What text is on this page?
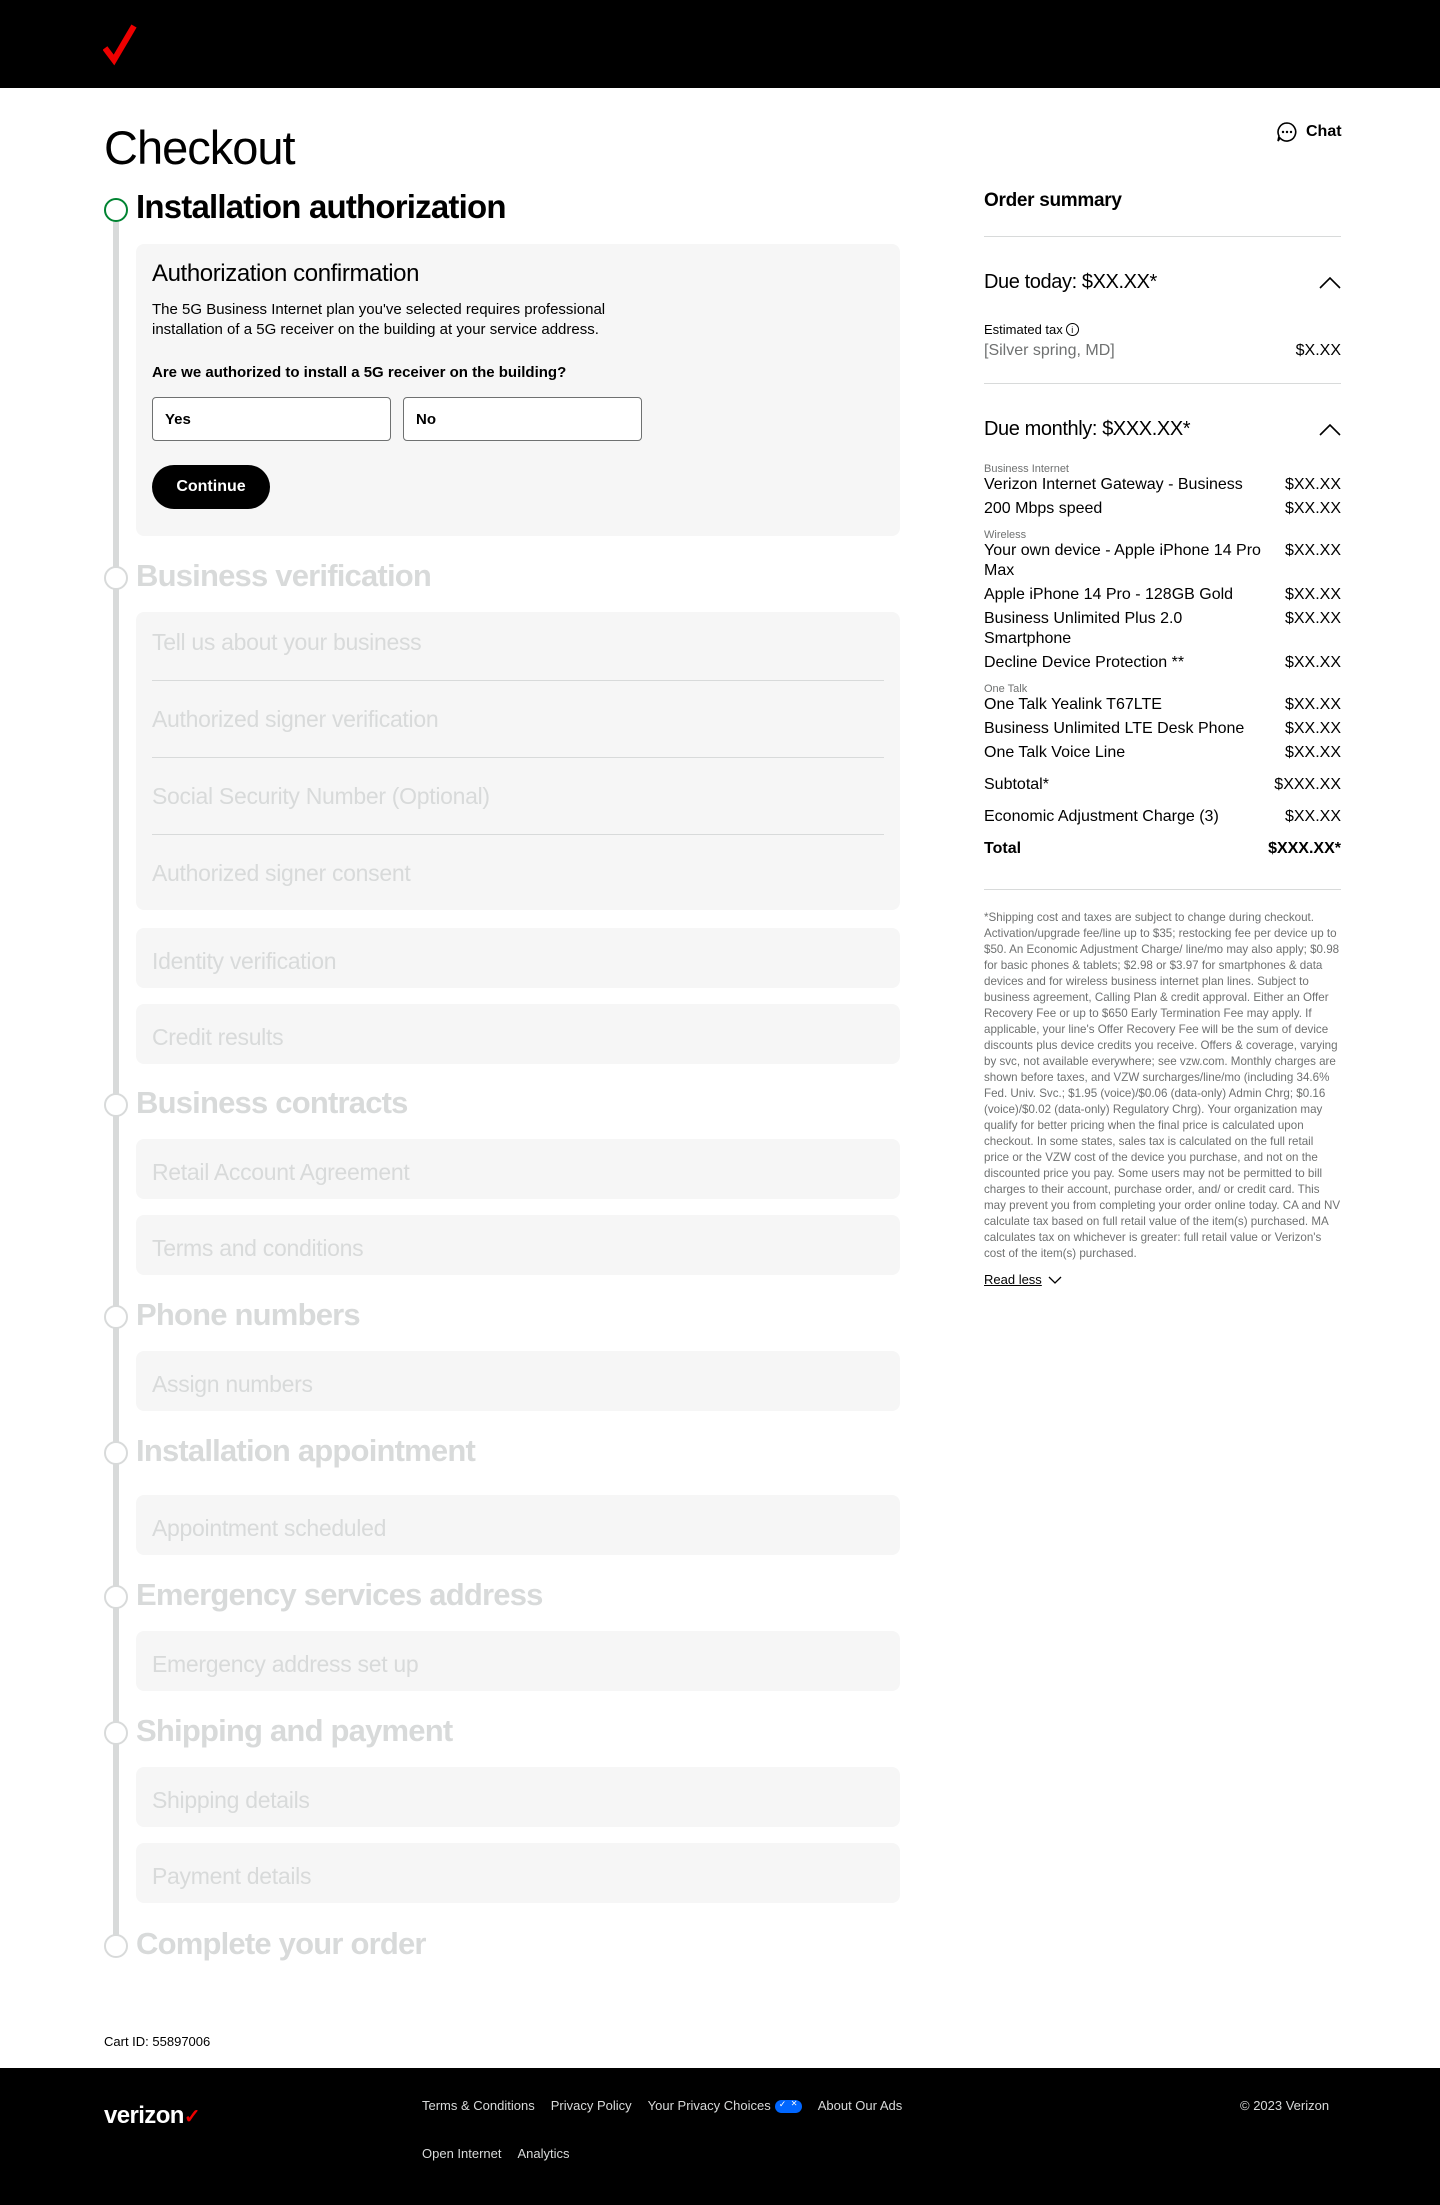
Checkout	Chat
Installation authorization
Authorization confirmation
The 5G Business Internet plan you've selected requires professional installation of a 5G receiver on the building at your service address.
Are we authorized to install a 5G receiver on the building?
Yes	No
Continue
Business verification
Tell us about your business
Authorized signer verification
Social Security Number (Optional)
Authorized signer consent
Identity verification
Credit results
Business contracts
Retail Account Agreement
Terms and conditions
Phone numbers
Assign numbers
Installation appointment
Appointment scheduled
Emergency services address
Emergency address set up
Shipping and payment
Shipping details
Payment details
Complete your order
Order summary
Due today: $XX.XX*
Estimated tax i
[Silver spring, MD]	$X.XX
Due monthly: $XXX.XX*
Business Internet
Verizon Internet Gateway - Business	$XX.XX
200 Mbps speed	$XX.XX
Wireless
Your own device - Apple iPhone 14 Pro Max
$XX.XX
Apple iPhone 14 Pro - 128GB Gold	$XX.XX
Business Unlimited Plus 2.0 Smartphone
$XX.XX
Decline Device Protection **	$XX.XX
One Talk
One Talk Yealink T67LTE	$XX.XX
Business Unlimited LTE Desk Phone	$XX.XX
One Talk Voice Line	$XX.XX
Subtotal*	$XXX.XX
Economic Adjustment Charge (3)	$XX.XX
Total	$XXX.XX*
*Shipping cost and taxes are subject to change during checkout. Activation/upgrade fee/line up to $35; restocking fee per device up to $50. An Economic Adjustment Charge/ line/mo may also apply; $0.98 for basic phones & tablets; $2.98 or $3.97 for smartphones & data devices and for wireless business internet plan lines. Subject to business agreement, Calling Plan & credit approval. Either an Offer Recovery Fee or up to $650 Early Termination Fee may apply. If applicable, your line's Offer Recovery Fee will be the sum of device discounts plus device credits you receive. Offers & coverage, varying by svc, not available everywhere; see vzw.com. Monthly charges are shown before taxes, and VZW surcharges/line/mo (including 34.6% Fed. Univ. Svc.; $1.95 (voice)/$0.06 (data-only) Admin Chrg; $0.16 (voice)/$0.02 (data-only) Regulatory Chrg). Your organization may qualify for better pricing when the final price is calculated upon checkout. In some states, sales tax is calculated on the full retail price or the VZW cost of the device you purchase, and not on the discounted price you pay. Some users may not be permitted to bill charges to their account, purchase order, and/ or credit card. This may prevent you from completing your order online today. CA and NV calculate tax based on full retail value of the item(s) purchased. MA calculates tax on whichever is greater: full retail value or Verizon's cost of the item(s) purchased.
Read less
Cart ID: 55897006
verizon✓
Terms & Conditions Privacy Policy Your Privacy Choices✓ ✕	About Our Ads
Open Internet Analytics
© 2023 Verizon
